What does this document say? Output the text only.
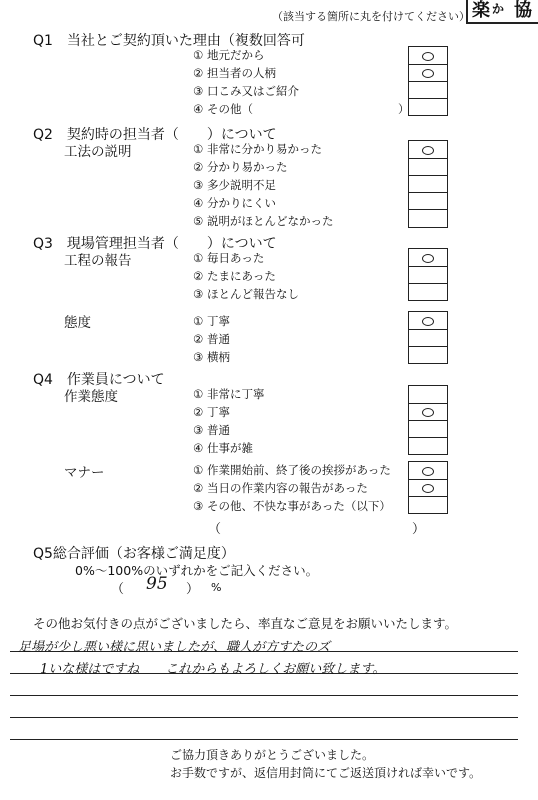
（該当する箇所に丸を付けてください） 楽 か 協
Q1　当社とご契約頂いた理由（複数回答可
① 地元だから
② 担当者の人柄
③ 口こみ又はご紹介
④ その他（	）
Q2　契約時の担当者（　　）について
工法の説明	① 非常に分かり易かった
② 分かり易かった
③ 多少説明不足
④ 分かりにくい
⑤ 説明がほとんどなかった
Q3　現場管理担当者（　　）について
工程の報告	① 毎日あった
② たまにあった
③ ほとんど報告なし
態度	① 丁寧
② 普通
③ 横柄
Q4　作業員について
作業態度	① 非常に丁寧
② 丁寧
③ 普通
④ 仕事が雑
マナー	① 作業開始前、終了後の挨拶があった
② 当日の作業内容の報告があった
③ その他、不快な事があった（以下）
（	）
Q5総合評価（お客様ご満足度）
0%～100%のいずれかをご記入ください。
（ 95 ） %
その他お気付きの点がございましたら、率直なご意見をお願いいたします。
足場が少し悪い様に思いましたが、職人が方すたのズ
1いな様はですね　　これからもよろしくお願い致します。
ご協力頂きありがとうございました。
お手数ですが、返信用封筒にてご返送頂ければ幸いです。
